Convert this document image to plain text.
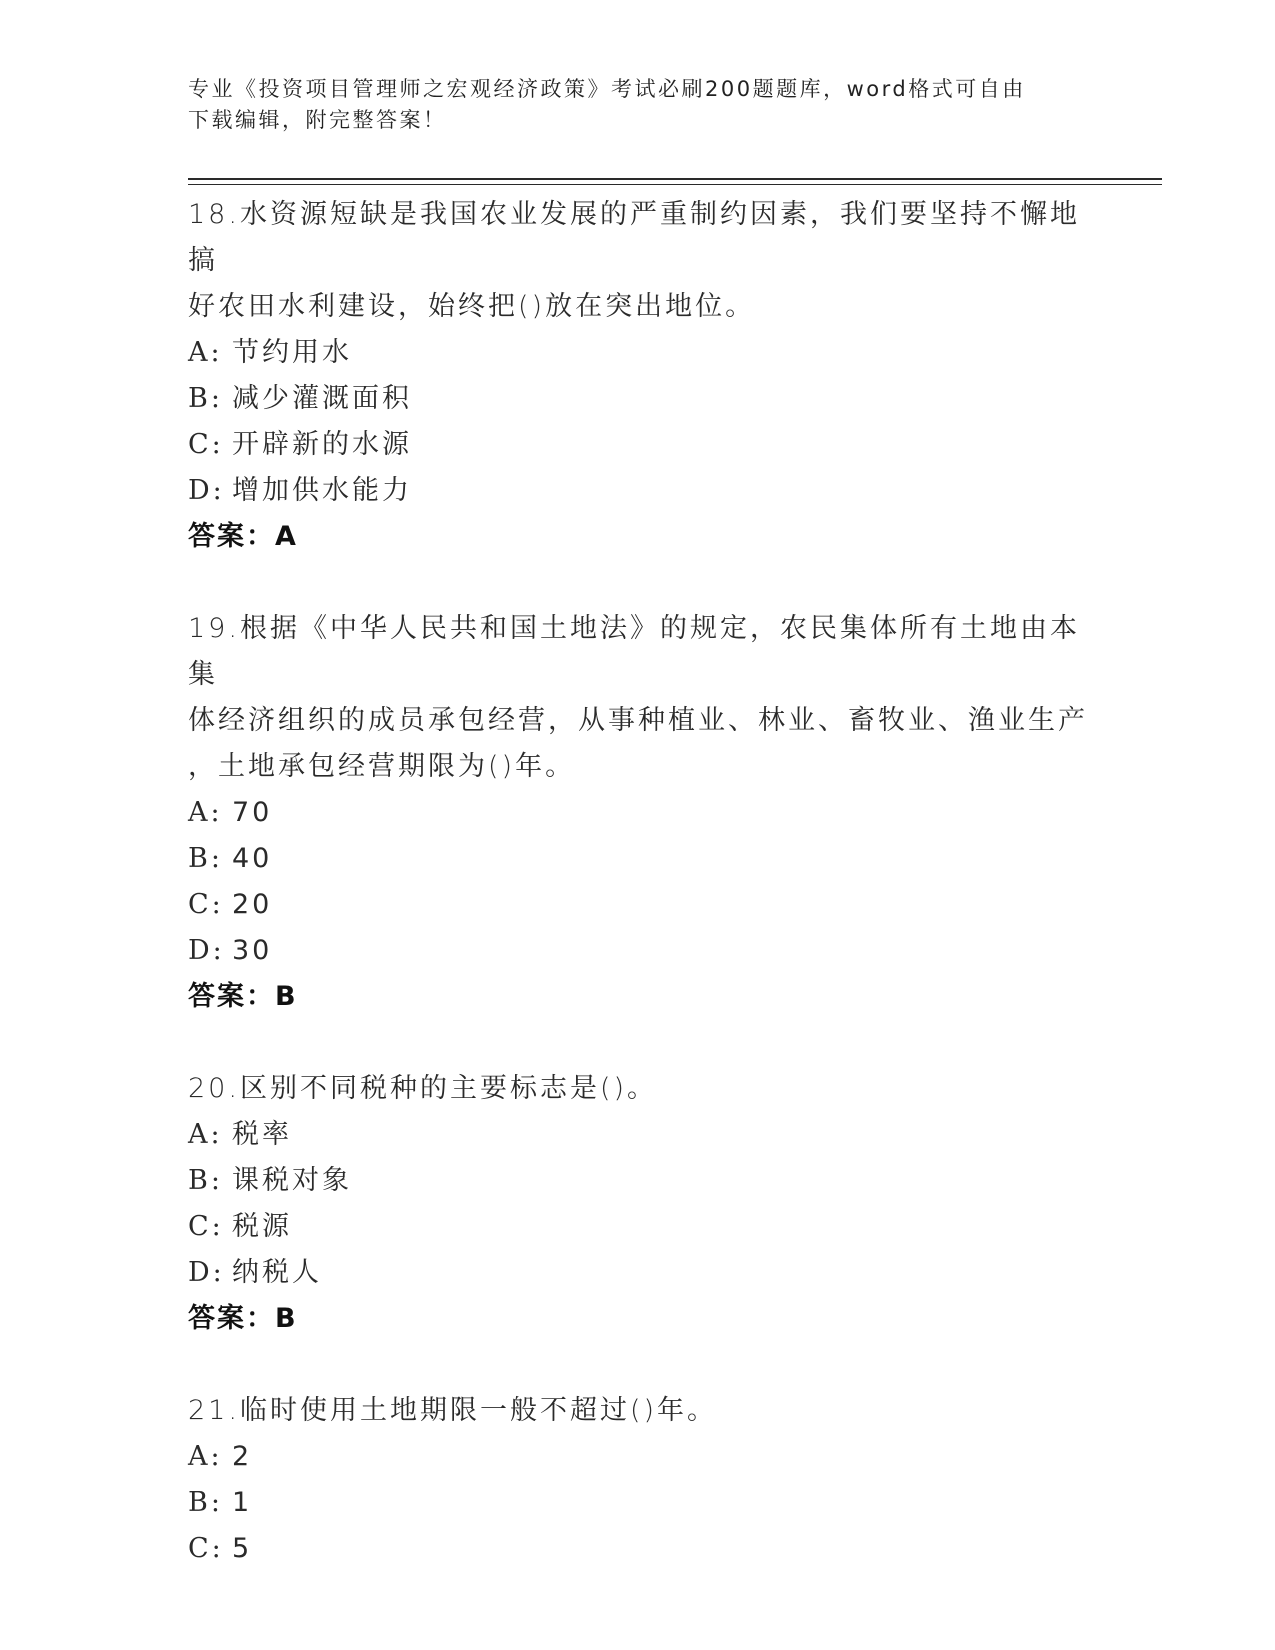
专业《投资项目管理师之宏观经济政策》考试必刷200题题库，word格式可自由
下载编辑，附完整答案！
18.水资源短缺是我国农业发展的严重制约因素，我们要坚持不懈地搞
好农田水利建设，始终把()放在突出地位。
A: 节约用水
B: 减少灌溉面积
C: 开辟新的水源
D: 增加供水能力
答案：A
19.根据《中华人民共和国土地法》的规定，农民集体所有土地由本集
体经济组织的成员承包经营，从事种植业、林业、畜牧业、渔业生产
，土地承包经营期限为()年。
A: 70
B: 40
C: 20
D: 30
答案：B
20.区别不同税种的主要标志是()。
A: 税率
B: 课税对象
C: 税源
D: 纳税人
答案：B
21.临时使用土地期限一般不超过()年。
A: 2
B: 1
C: 5
